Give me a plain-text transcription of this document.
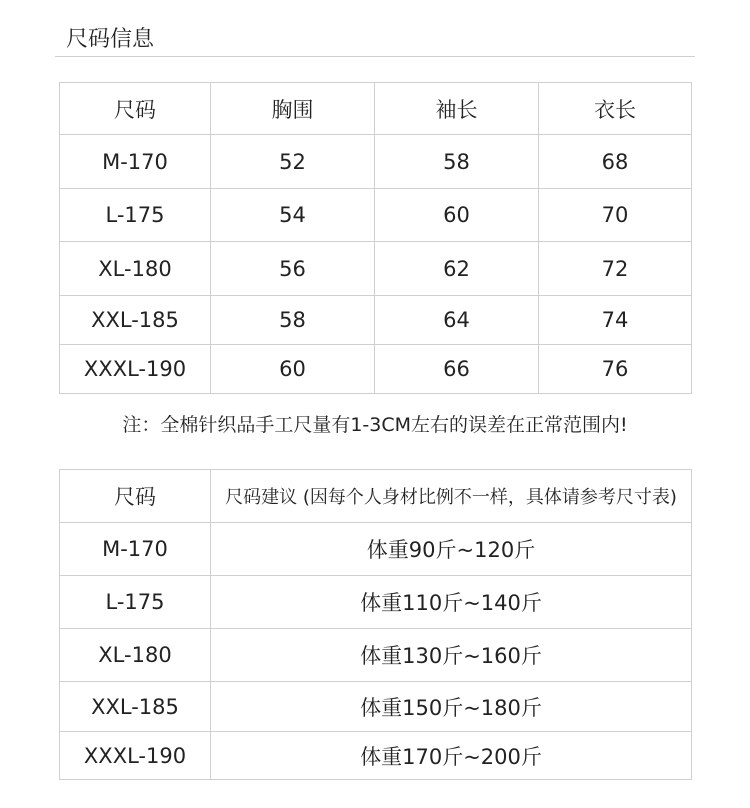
尺码信息
尺码	胸围	袖长	衣长
M-170	52	58	68
L-175	54	60	70
XL-180	56	62	72
XXL-185	58	64	74
XXXL-190	60	66	76
注：全棉针织品手工尺量有1-3CM左右的误差在正常范围内!
尺码	尺码建议 (因每个人身材比例不一样，具体请参考尺寸表)
M-170	体重90斤~120斤
L-175	体重110斤~140斤
XL-180	体重130斤~160斤
XXL-185	体重150斤~180斤
XXXL-190	体重170斤~200斤
